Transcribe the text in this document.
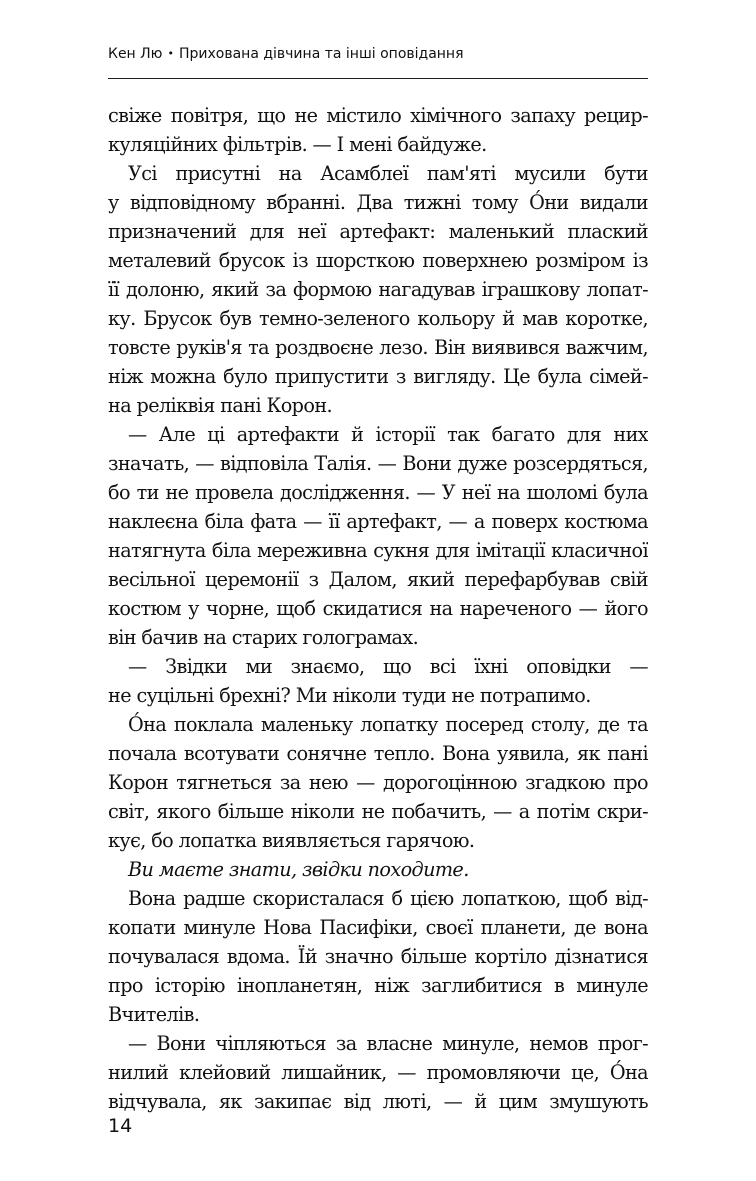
Кен Лю • Прихована дівчина та інші оповідання
свіже повітря, що не містило хімічного запаху рецир-
куляційних фільтрів. — І мені байдуже.
Усі присутні на Асамблеї пам'яті мусили бути
у відповідному вбранні. Два тижні тому О́ни видали
призначений для неї артефакт: маленький плаский
металевий брусок із шорсткою поверхнею розміром із
її долоню, який за формою нагадував іграшкову лопат-
ку. Брусок був темно-зеленого кольору й мав коротке,
товсте руків'я та роздвоєне лезо. Він виявився важчим,
ніж можна було припустити з вигляду. Це була сімей-
на реліквія пані Корон.
— Але ці артефакти й історії так багато для них
значать, — відповіла Талія. — Вони дуже розсердяться,
бо ти не провела дослідження. — У неї на шоломі була
наклеєна біла фата — її артефакт, — а поверх костюма
натягнута біла мереживна сукня для імітації класичної
весільної церемонії з Далом, який перефарбував свій
костюм у чорне, щоб скидатися на нареченого — його
він бачив на старих голограмах.
— Звідки ми знаємо, що всі їхні оповідки —
не суцільні брехні? Ми ніколи туди не потрапимо.
О́на поклала маленьку лопатку посеред столу, де та
почала всотувати сонячне тепло. Вона уявила, як пані
Корон тягнеться за нею — дорогоцінною згадкою про
світ, якого більше ніколи не побачить, — а потім скри-
кує, бо лопатка виявляється гарячою.
Ви маєте знати, звідки походите.
Вона радше скористалася б цією лопаткою, щоб від-
копати минуле Нова Пасифіки, своєї планети, де вона
почувалася вдома. Їй значно більше кортіло дізнатися
про історію інопланетян, ніж заглибитися в минуле
Вчителів.
— Вони чіпляються за власне минуле, немов прог-
нилий клейовий лишайник, — промовляючи це, О́на
відчувала, як закипає від люті, — й цим змушують
14
